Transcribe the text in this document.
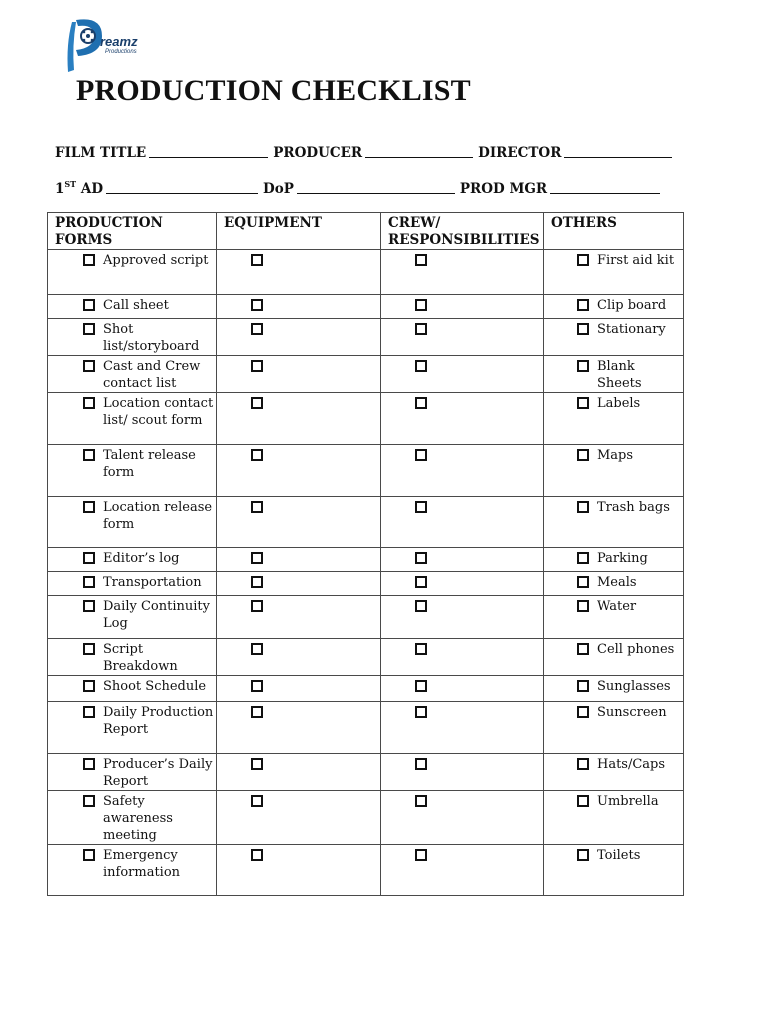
reamz
Productions
PRODUCTION CHECKLIST
FILM TITLE	PRODUCER	DIRECTOR
1ST AD	DoP	PROD MGR
PRODUCTION FORMS	EQUIPMENT	CREW/ RESPONSIBILITIES	OTHERS

Approved script			First aid kit

Call sheet			Clip board

Shot list/storyboard			Stationary

Cast and Crew contact list			Blank Sheets

Location contact list/ scout form			Labels

Talent release form			Maps

Location release form			Trash bags

Editor’s log			Parking

Transportation			Meals

Daily Continuity Log			Water

Script Breakdown			Cell phones

Shoot Schedule			Sunglasses

Daily Production Report			Sunscreen

Producer’s Daily Report			Hats/Caps

Safety awareness meeting			Umbrella

Emergency information			Toilets
